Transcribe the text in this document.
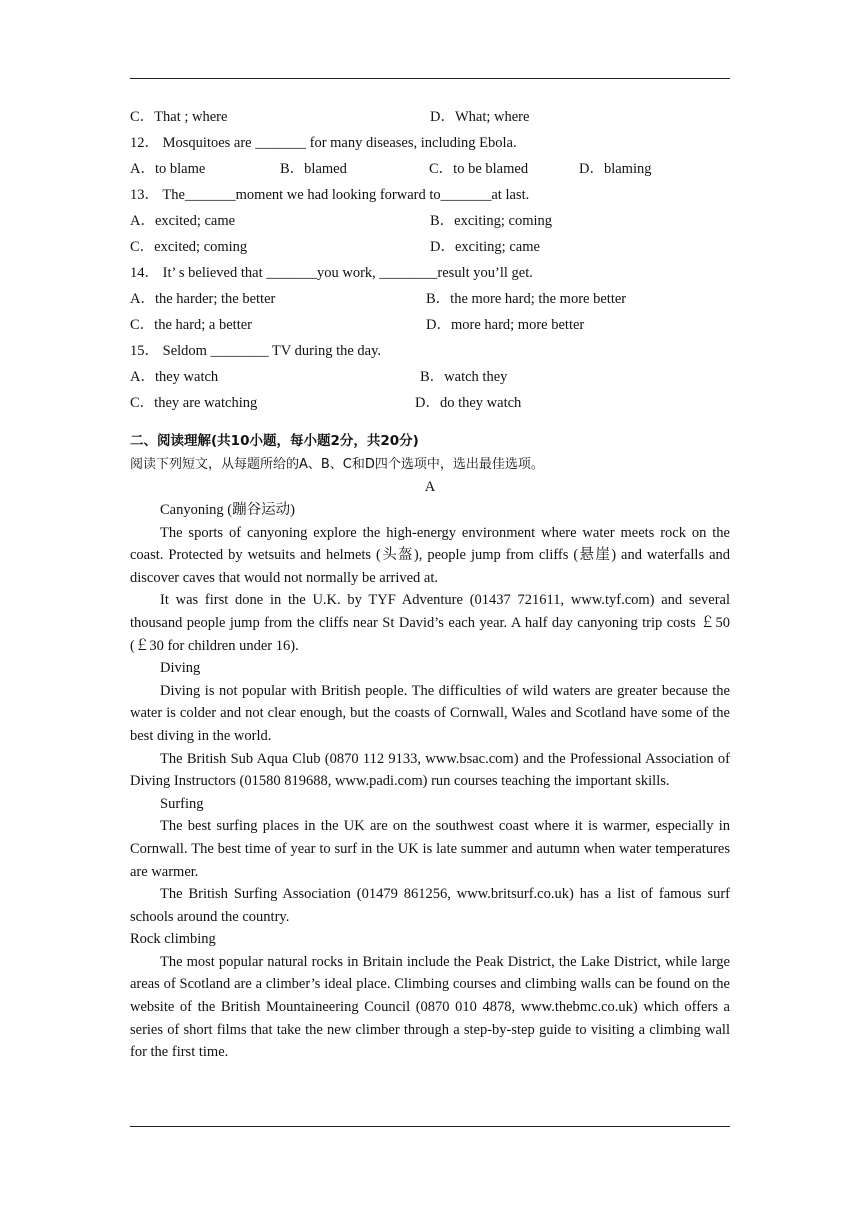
C．That ; where	D．What; where
12． Mosquitoes are _______ for many diseases, including Ebola.
A．to blame	B．blamed	C．to be blamed	D．blaming
13． The_______moment we had looking forward to_______at last.
A．excited; came	B．exciting; coming
C．excited; coming	D．exciting; came
14． It’ s believed that _______you work, ________result you’ll get.
A．the harder; the better	B．the more hard; the more better
C．the hard; a better	D．more hard; more better
15． Seldom ________ TV during the day.
A．they watch	B．watch they
C．they are watching	D．do they watch
二、阅读理解(共10小题，每小题2分，共20分)
阅读下列短文，从每题所给的A、B、C和D四个选项中，选出最佳选项。
A
Canyoning (蹦谷运动)

The sports of canyoning explore the high-energy environment where water meets rock on the coast. Protected by wetsuits and helmets (头盔), people jump from cliffs (悬崖) and waterfalls and discover caves that would not normally be arrived at.

It was first done in the U.K. by TYF Adventure (01437 721611, www.tyf.com) and several thousand people jump from the cliffs near St David’s each year. A half day canyoning trip costs ￡50 (￡30 for children under 16).

Diving

Diving is not popular with British people. The difficulties of wild waters are greater because the water is colder and not clear enough, but the coasts of Cornwall, Wales and Scotland have some of the best diving in the world.

The British Sub Aqua Club (0870 112 9133, www.bsac.com) and the Professional Association of Diving Instructors (01580 819688, www.padi.com) run courses teaching the important skills.

Surfing

The best surfing places in the UK are on the southwest coast where it is warmer, especially in Cornwall. The best time of year to surf in the UK is late summer and autumn when water temperatures are warmer.

The British Surfing Association (01479 861256, www.britsurf.co.uk) has a list of famous surf schools around the country.

Rock climbing

The most popular natural rocks in Britain include the Peak District, the Lake District, while large areas of Scotland are a climber’s ideal place. Climbing courses and climbing walls can be found on the website of the British Mountaineering Council (0870 010 4878, www.thebmc.co.uk) which offers a series of short films that take the new climber through a step-by-step guide to visiting a climbing wall for the first time.
